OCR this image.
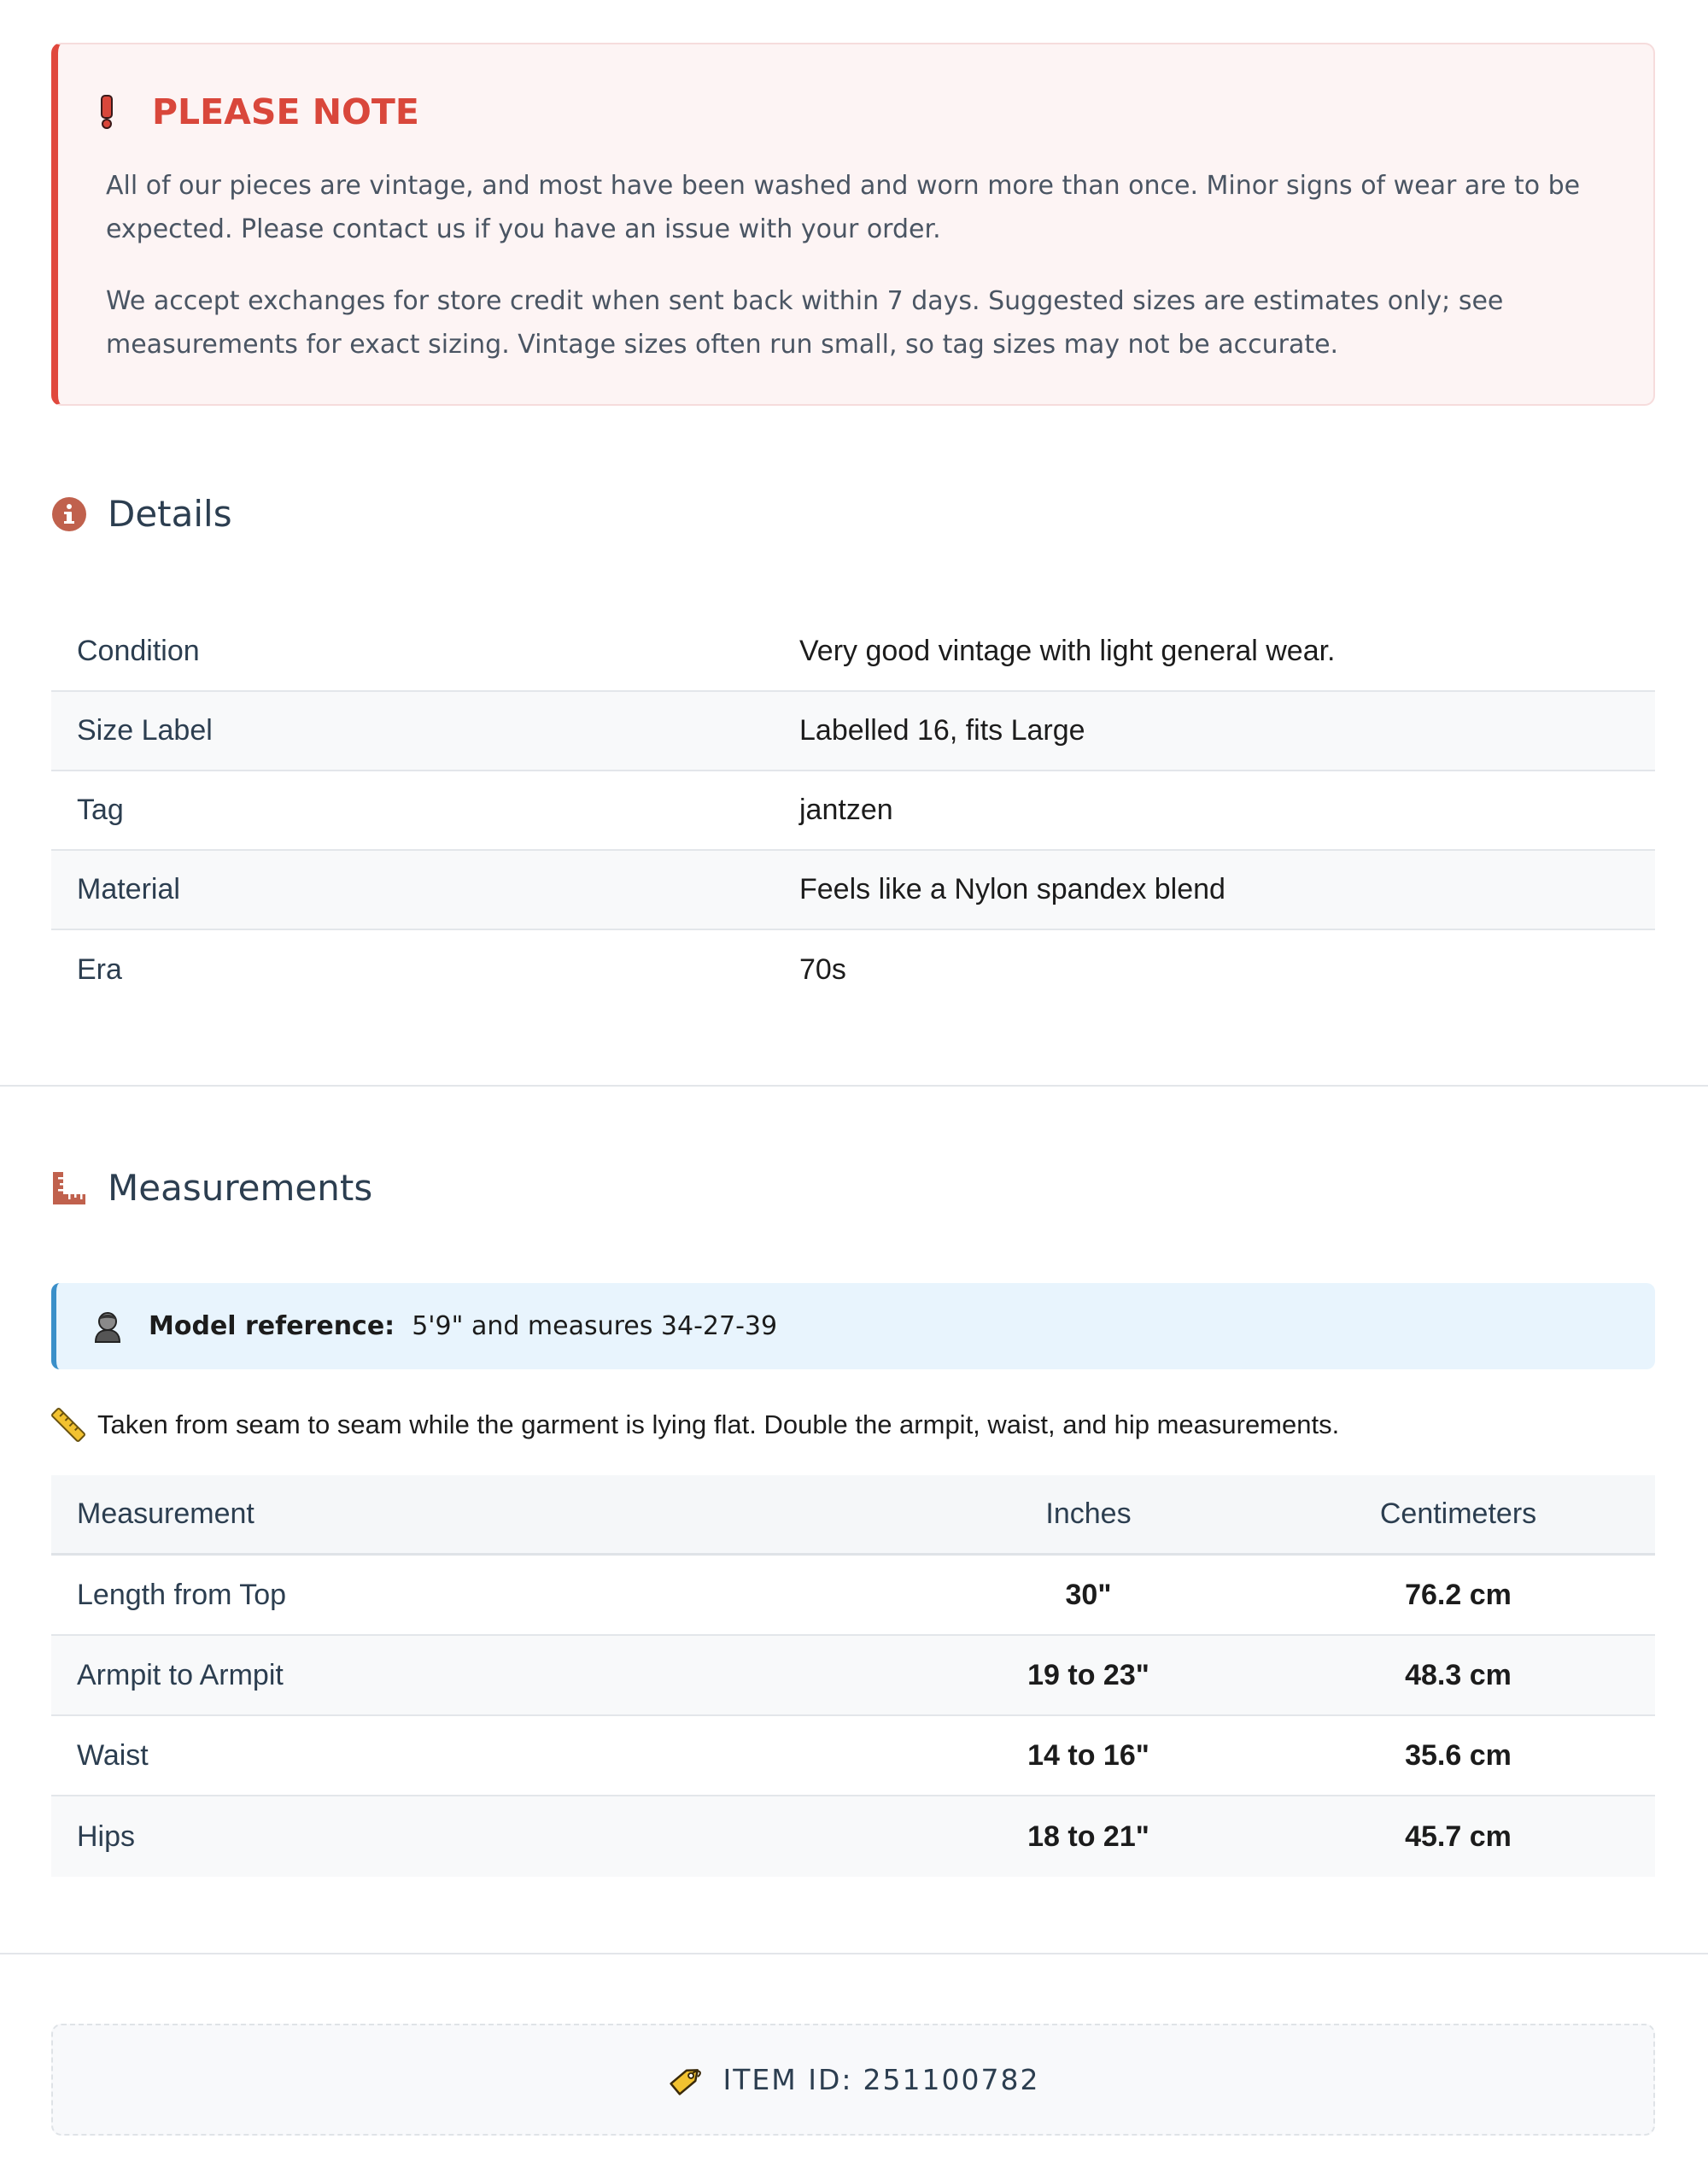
PLEASE NOTE

All of our pieces are vintage, and most have been washed and worn more than once. Minor signs of wear are to be expected. Please contact us if you have an issue with your order.

We accept exchanges for store credit when sent back within 7 days. Suggested sizes are estimates only; see measurements for exact sizing. Vintage sizes often run small, so tag sizes may not be accurate.

Details
Condition	Very good vintage with light general wear.
Size Label	Labelled 16, fits Large
Tag	jantzen
Material	Feels like a Nylon spandex blend
Era	70s
Measurements
Model reference: 5'9" and measures 34-27-39
Taken from seam to seam while the garment is lying flat. Double the armpit, waist, and hip measurements.
Measurement	Inches	Centimeters
Length from Top	30"	76.2 cm
Armpit to Armpit	19 to 23"	48.3 cm
Waist	14 to 16"	35.6 cm
Hips	18 to 21"	45.7 cm
ITEM ID: 251100782
